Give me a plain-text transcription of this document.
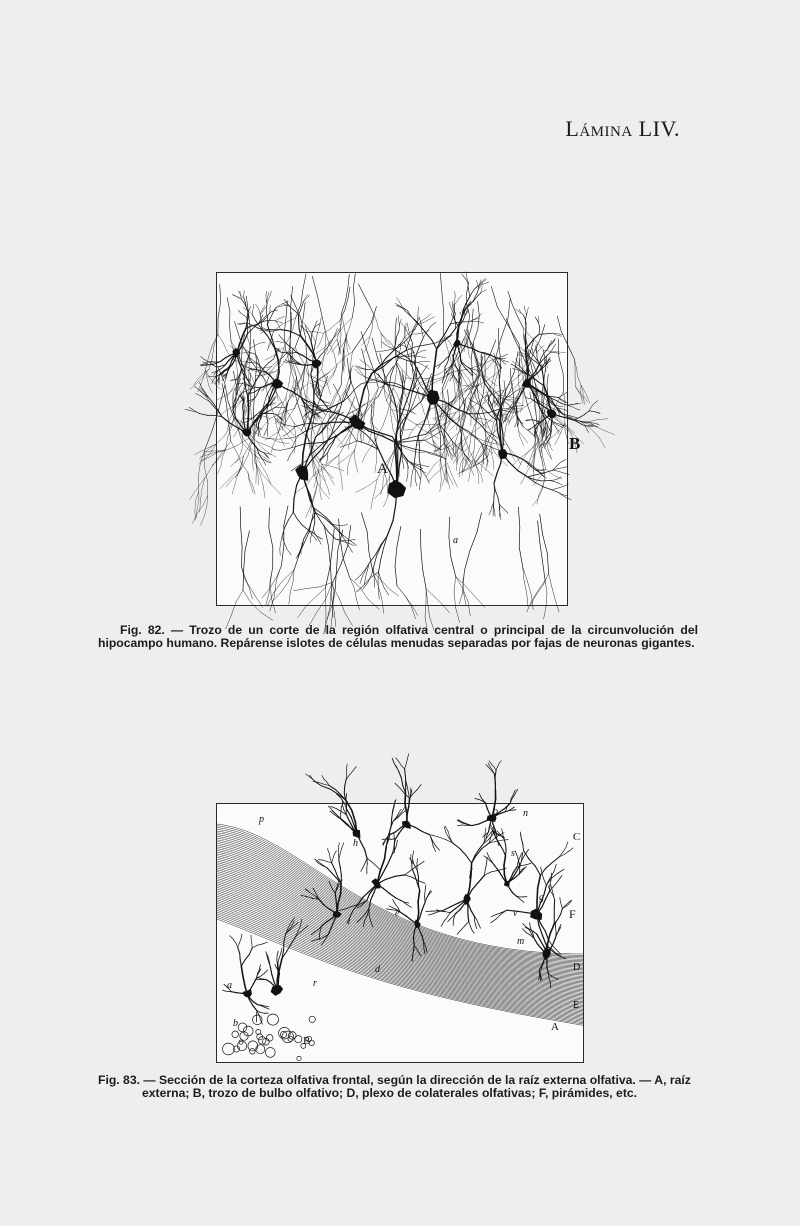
Lámina LIV.
A
B
a
Fig. 82. — Trozo de un corte de la región olfativa central o principal de la circunvolución del hipocampo humano. Repárense islotes de células menudas separadas por fajas de neuronas gigantes.
p
o	n
h
s
C
f
e
g
v	F
m
d
r
a
b
D
E
A
B
Fig. 83. — Sección de la corteza olfativa frontal, según la dirección de la raíz externa olfativa. — A, raíz
externa; B, trozo de bulbo olfativo; D, plexo de colaterales olfativas; F, pirámides, etc.
